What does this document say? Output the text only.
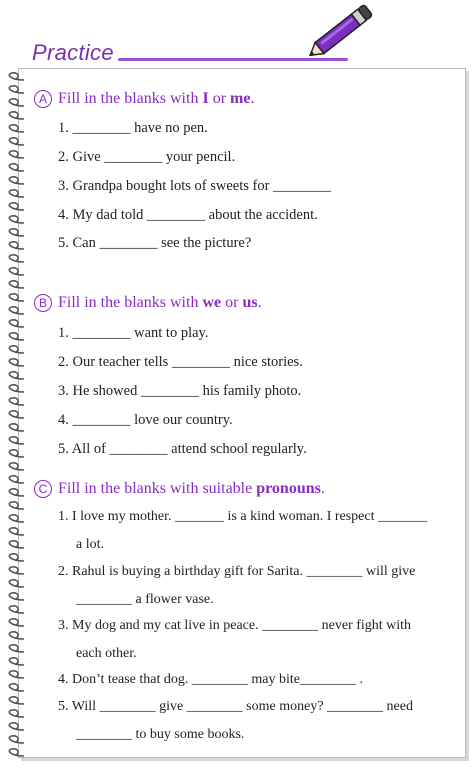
Practice
A Fill in the blanks with I or me.
1. ________ have no pen.
2. Give ________ your pencil.
3. Grandpa bought lots of sweets for ________
4. My dad told ________ about the accident.
5. Can ________ see the picture?
B Fill in the blanks with we or us.
1. ________ want to play.
2. Our teacher tells ________ nice stories.
3. He showed ________ his family photo.
4. ________ love our country.
5. All of ________ attend school regularly.
C Fill in the blanks with suitable pronouns.
1. I love my mother. _______ is a kind woman. I respect _______
a lot.
2. Rahul is buying a birthday gift for Sarita. ________ will give
________ a flower vase.
3. My dog and my cat live in peace. ________ never fight with
each other.
4. Don’t tease that dog. ________ may bite________ .
5. Will ________ give ________ some money? ________ need
________ to buy some books.
